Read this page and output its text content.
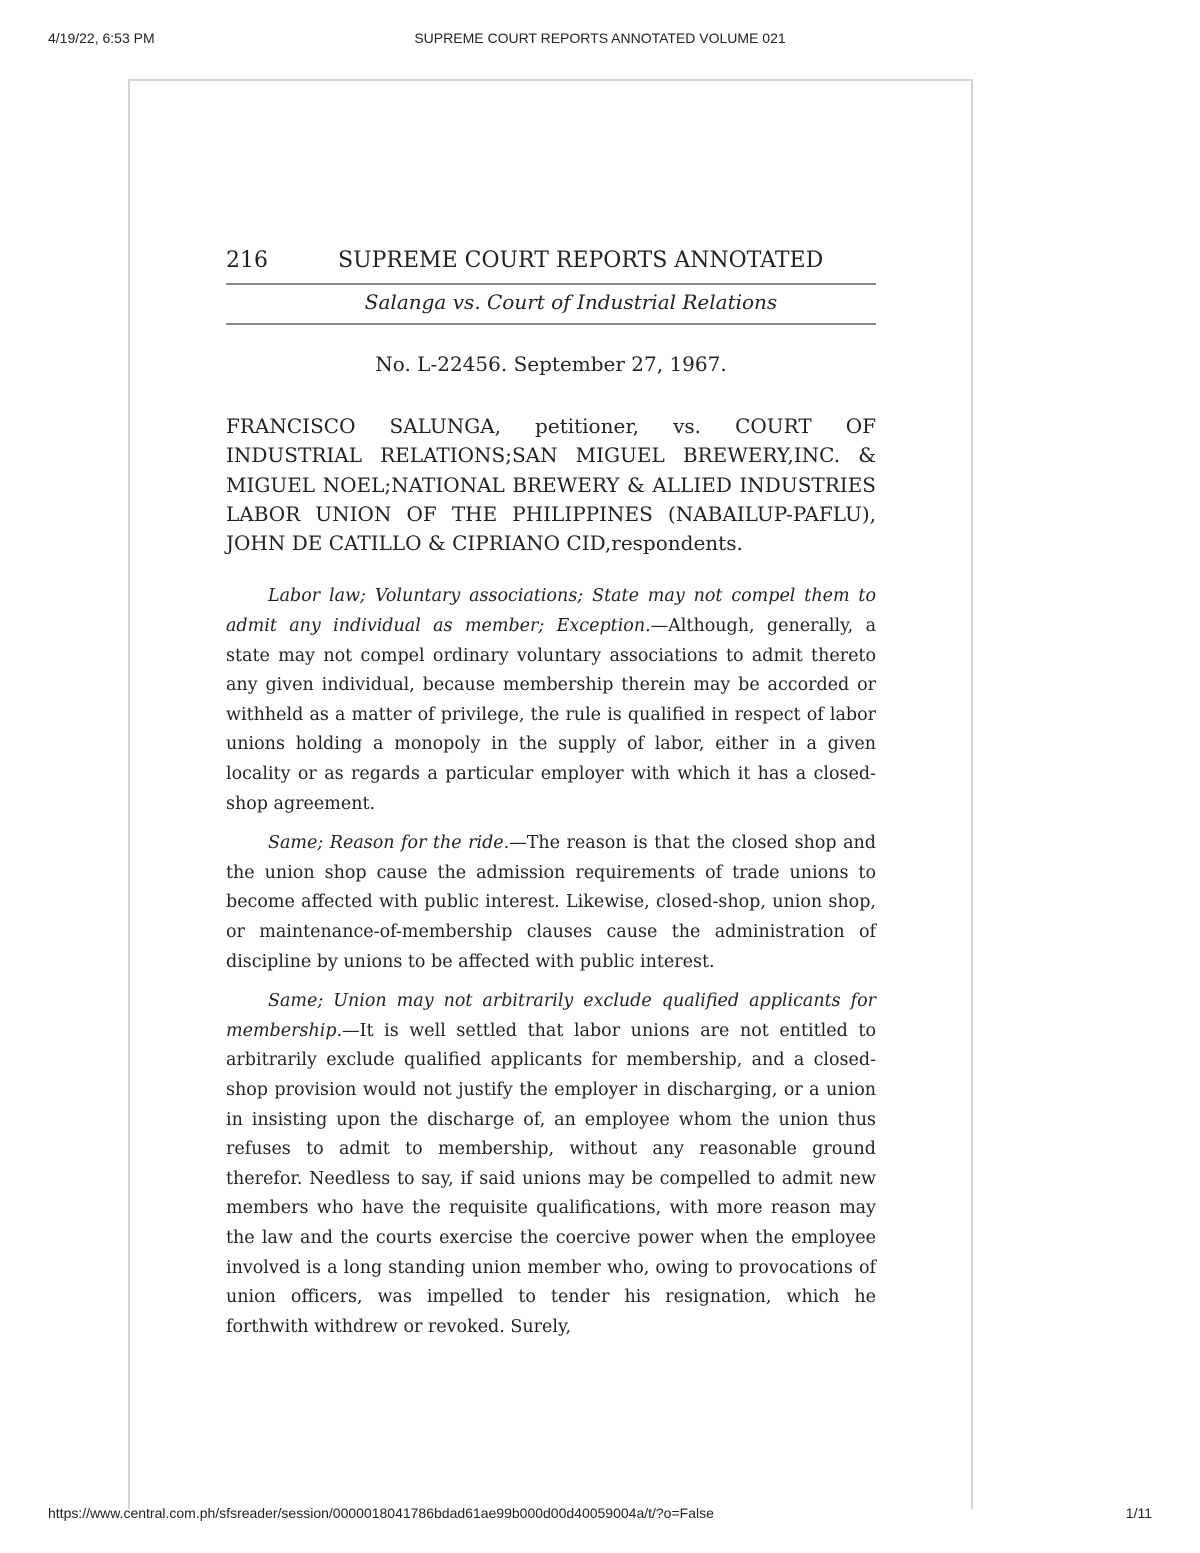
4/19/22, 6:53 PM	SUPREME COURT REPORTS ANNOTATED VOLUME 021
216	SUPREME COURT REPORTS ANNOTATED
Salanga vs. Court of Industrial Relations
No. L-22456. September 27, 1967.
FRANCISCO SALUNGA, petitioner, vs. COURT OF INDUSTRIAL RELATIONS;SAN MIGUEL BREWERY,INC. & MIGUEL NOEL;NATIONAL BREWERY & ALLIED INDUSTRIES LABOR UNION OF THE PHILIPPINES (NABAILUP-PAFLU), JOHN DE CATILLO & CIPRIANO CID,respondents.

Labor law; Voluntary associations; State may not compel them to admit any individual as member; Exception.—Although, generally, a state may not compel ordinary voluntary associations to admit thereto any given individual, because membership therein may be accorded or withheld as a matter of privilege, the rule is qualified in respect of labor unions holding a monopoly in the supply of labor, either in a given locality or as regards a particular employer with which it has a closed-shop agreement.

Same; Reason for the ride.—The reason is that the closed shop and the union shop cause the admission requirements of trade unions to become affected with public interest. Likewise, closed-shop, union shop, or maintenance-of-membership clauses cause the administration of discipline by unions to be affected with public interest.

Same; Union may not arbitrarily exclude qualified applicants for membership.—It is well settled that labor unions are not entitled to arbitrarily exclude qualified applicants for membership, and a closed-shop provision would not justify the employer in discharging, or a union in insisting upon the discharge of, an employee whom the union thus refuses to admit to membership, without any reasonable ground therefor. Needless to say, if said unions may be compelled to admit new members who have the requisite qualifications, with more reason may the law and the courts exercise the coercive power when the employee involved is a long standing union member who, owing to provocations of union officers, was impelled to tender his resignation, which he forthwith withdrew or revoked. Surely,

https://www.central.com.ph/sfsreader/session/0000018041786bdad61ae99b000d00d40059004a/t/?o=False	1/11
